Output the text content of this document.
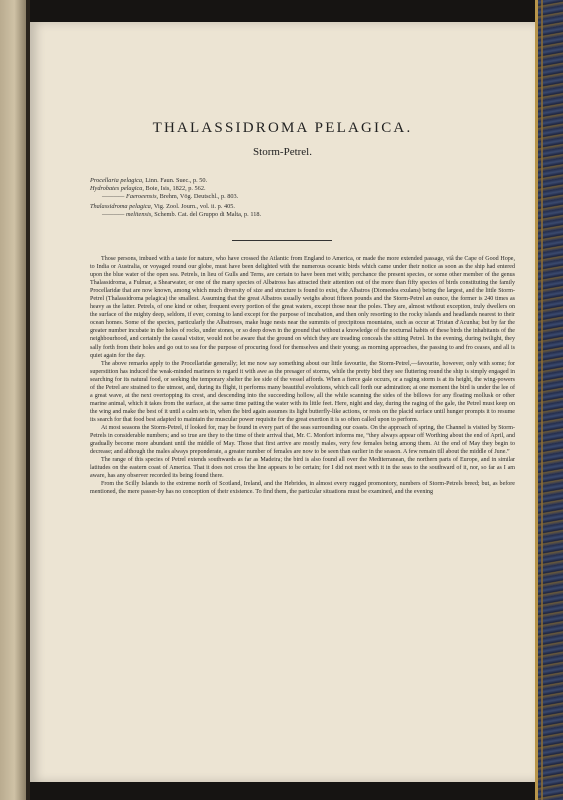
THALASSIDROMA PELAGICA.
Storm-Petrel.
Procellaria pelagica, Linn. Faun. Suec., p. 50.
Hydrobates pelagica, Boie, Isis, 1822, p. 562.
———— Faeroeensis, Brehm, Vög. Deutschl., p. 803.
Thalassidroma pelagica, Vig. Zool. Journ., vol. ii. p. 405.
———— melitensis, Schemb. Cat. del Gruppo di Malta, p. 118.

Those persons, imbued with a taste for nature, who have crossed the Atlantic from England to America, or made the more extended passage, viâ the Cape of Good Hope, to India or Australia, or voyaged round our globe, must have been delighted with the numerous oceanic birds which came under their notice as soon as the ship had entered upon the blue water of the open sea. Petrels, in lieu of Gulls and Terns, are certain to have been met with; perchance the present species, or some other member of the genus Thalassidroma, a Fulmar, a Shearwater, or one of the many species of Albatross has attracted their attention out of the more than fifty species of birds constituting the family Procellaridæ that are now known, among which much diversity of size and structure is found to exist, the Albatros (Diomedea exulans) being the largest, and the little Storm-Petrel (Thalassidroma pelagica) the smallest. Assuming that the great Albatros usually weighs about fifteen pounds and the Storm-Petrel an ounce, the former is 240 times as heavy as the latter. Petrels, of one kind or other, frequent every portion of the great waters, except those near the poles. They are, almost without exception, truly dwellers on the surface of the mighty deep, seldom, if ever, coming to land except for the purpose of incubation, and then only resorting to the rocky islands and headlands nearest to their ocean homes. Some of the species, particularly the Albatroses, make huge nests near the summits of precipitous mountains, such as occur at Tristan d'Acunha; but by far the greater number incubate in the holes of rocks, under stones, or so deep down in the ground that without a knowledge of the nocturnal habits of these birds the inhabitants of the neighbourhood, and certainly the casual visitor, would not be aware that the ground on which they are treading conceals the sitting Petrel. In the evening, during twilight, they sally forth from their holes and go out to sea for the purpose of procuring food for themselves and their young; as morning approaches, the passing to and fro ceases, and all is quiet again for the day.

The above remarks apply to the Procellaridæ generally; let me now say something about our little favourite, the Storm-Petrel,—favourite, however, only with some; for superstition has induced the weak-minded mariners to regard it with awe as the presager of storms, while the pretty bird they see fluttering round the ship is simply engaged in searching for its natural food, or seeking the temporary shelter the lee side of the vessel affords. When a fierce gale occurs, or a raging storm is at its height, the wing-powers of the Petrel are strained to the utmost, and, during its flight, it performs many beautiful evolutions, which call forth our admiration; at one moment the bird is under the lee of a great wave, at the next overtopping its crest, and descending into the succeeding hollow, all the while scanning the sides of the billows for any floating mollusk or other marine animal, which it takes from the surface, at the same time patting the water with its little feet. Here, night and day, during the raging of the gale, the Petrel must keep on the wing and make the best of it until a calm sets in, when the bird again assumes its light butterfly-like actions, or rests on the placid surface until hunger prompts it to resume its search for that food best adapted to maintain the muscular power requisite for the great exertion it is so often called upon to perform.

At most seasons the Storm-Petrel, if looked for, may be found in every part of the seas surrounding our coasts. On the approach of spring, the Channel is visited by Storm-Petrels in considerable numbers; and so true are they to the time of their arrival that, Mr. C. Monfort informs me, “they always appear off Worthing about the end of April, and gradually become more abundant until the middle of May. Those that first arrive are mostly males, very few females being among them. At the end of May they begin to decrease; and although the males always preponderate, a greater number of females are now to be seen than earlier in the season. A few remain till about the middle of June.”

The range of this species of Petrel extends southwards as far as Madeira; the bird is also found all over the Mediterranean, the northern parts of Europe, and in similar latitudes on the eastern coast of America. That it does not cross the line appears to be certain; for I did not meet with it in the seas to the southward of it, nor, so far as I am aware, has any observer recorded its being found there.

From the Scilly Islands to the extreme north of Scotland, Ireland, and the Hebrides, in almost every rugged promontory, numbers of Storm-Petrels breed; but, as before mentioned, the mere passer-by has no conception of their existence. To find them, the particular situations must be examined, and the evening
